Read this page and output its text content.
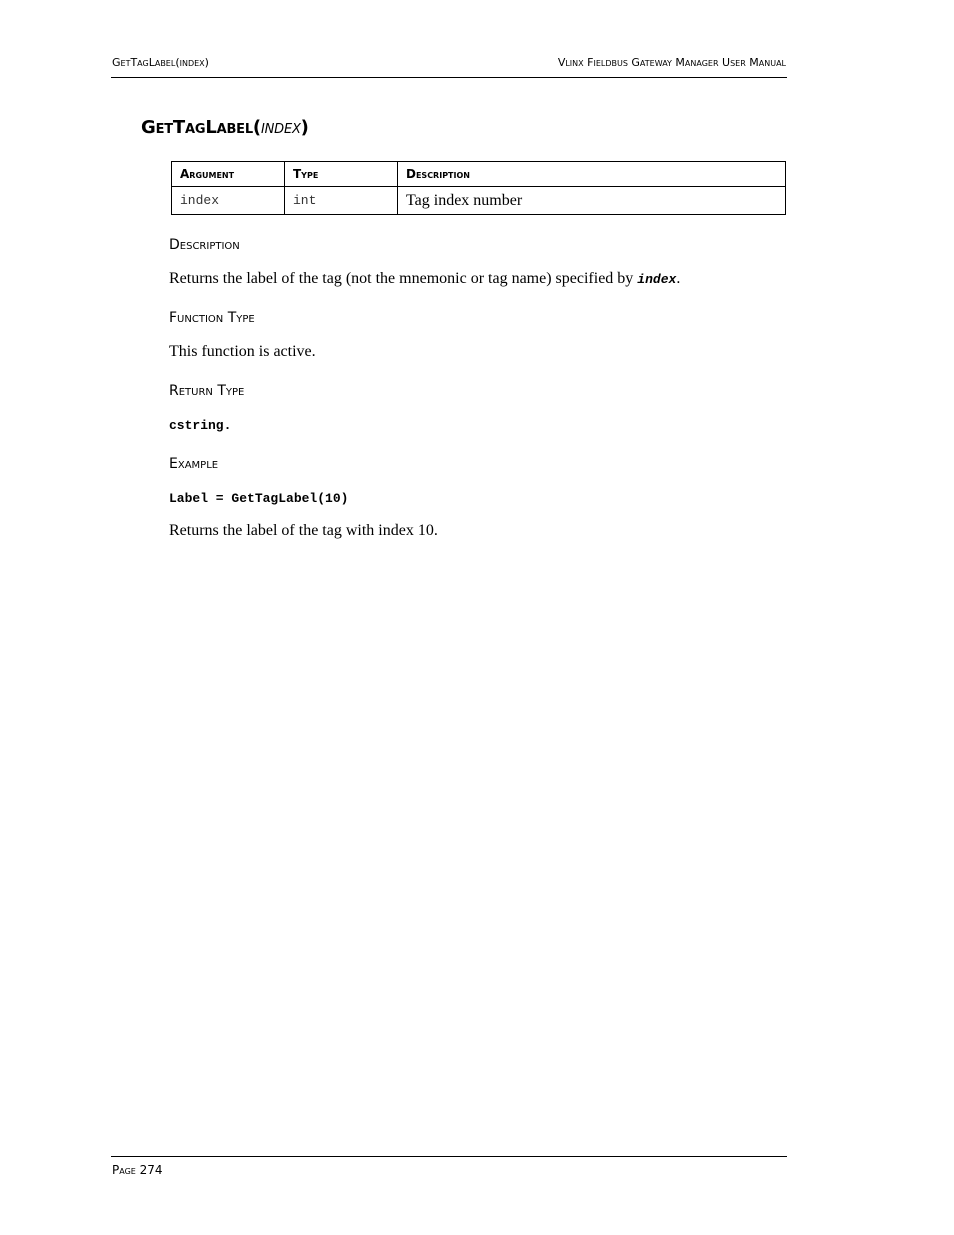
GetTagLabel(index)	Vlinx Fieldbus Gateway Manager User Manual
GetTagLabel(index)
Argument	Type	Description
index	int	Tag index number
Description
Returns the label of the tag (not the mnemonic or tag name) specified by index.
Function Type
This function is active.
Return Type
cstring.
Example
Label = GetTagLabel(10)
Returns the label of the tag with index 10.
Page 274
